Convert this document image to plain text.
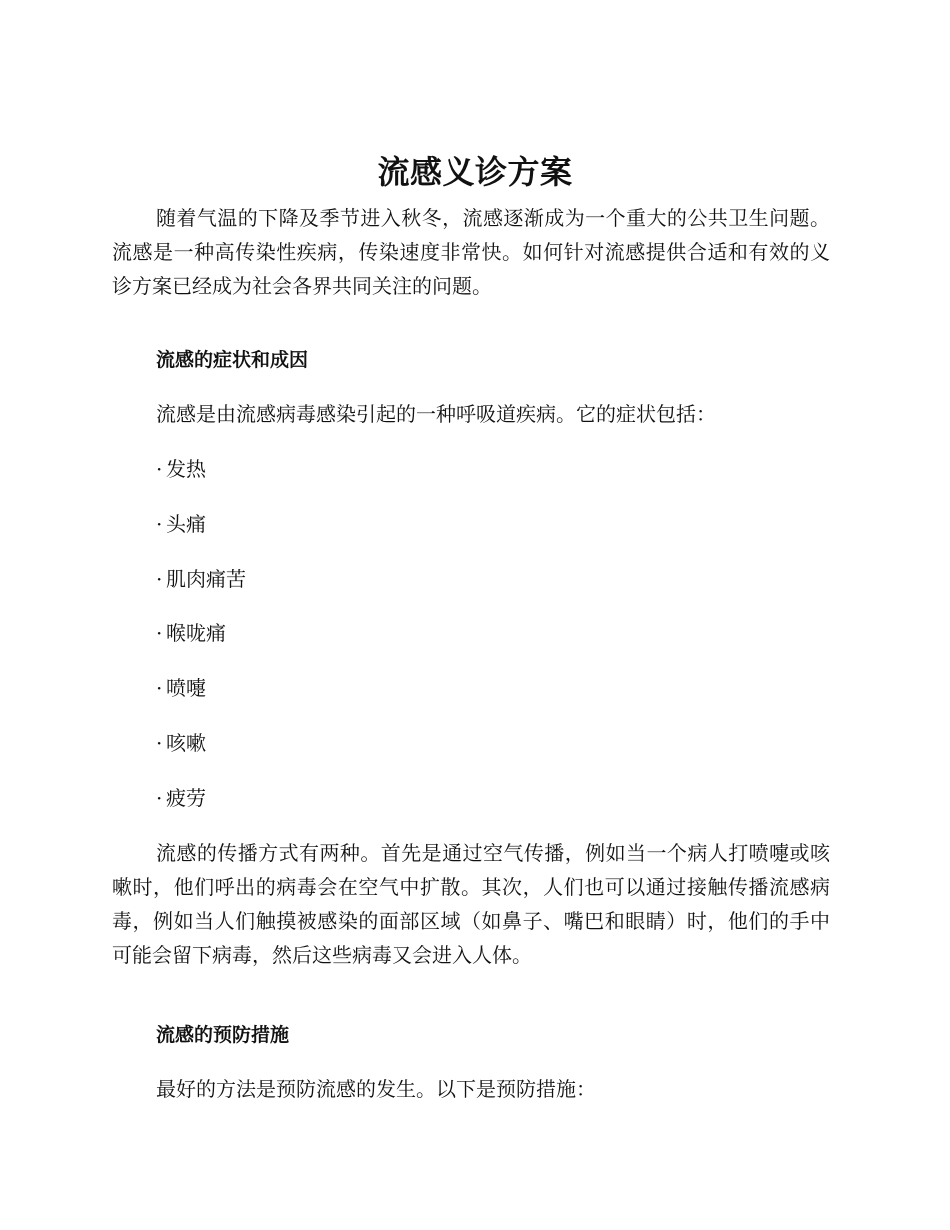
流感义诊方案

随着气温的下降及季节进入秋冬，流感逐渐成为一个重大的公共卫生问题。流感是一种高传染性疾病，传染速度非常快。如何针对流感提供合适和有效的义诊方案已经成为社会各界共同关注的问题。

流感的症状和成因
流感是由流感病毒感染引起的一种呼吸道疾病。它的症状包括：
· 发热
· 头痛
· 肌肉痛苦
· 喉咙痛
· 喷嚏
· 咳嗽
· 疲劳

流感的传播方式有两种。首先是通过空气传播，例如当一个病人打喷嚏或咳嗽时，他们呼出的病毒会在空气中扩散。其次，人们也可以通过接触传播流感病毒，例如当人们触摸被感染的面部区域（如鼻子、嘴巴和眼睛）时，他们的手中可能会留下病毒，然后这些病毒又会进入人体。

流感的预防措施
最好的方法是预防流感的发生。以下是预防措施：
